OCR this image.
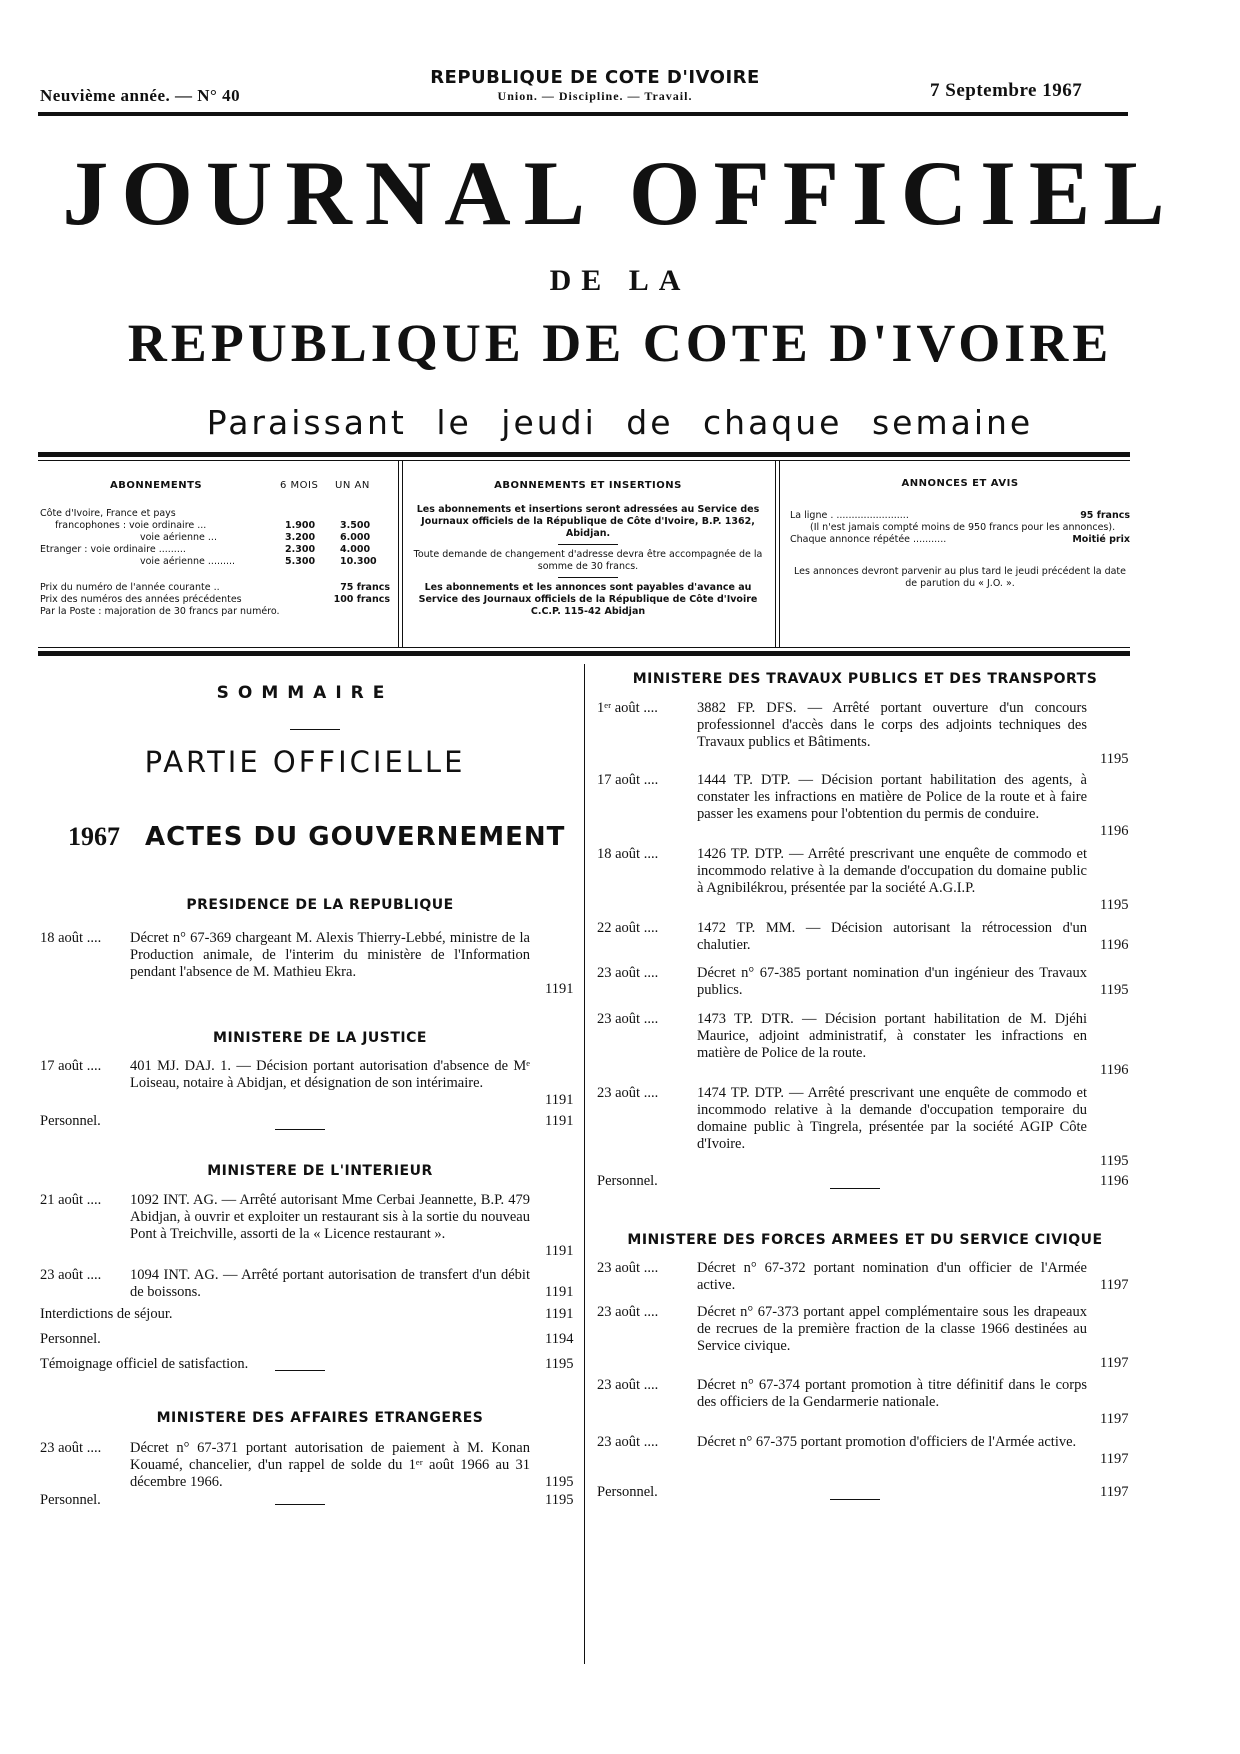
Neuvième année. — N° 40
REPUBLIQUE DE COTE D'IVOIRE
Union. — Discipline. — Travail.	7 Septembre 1967
JOURNAL OFFICIEL
DE LA
REPUBLIQUE DE COTE D'IVOIRE
Paraissant le jeudi de chaque semaine
ABONNEMENTS	6 MOIS UN AN
Côte d'Ivoire, France et pays
francophones : voie ordinaire ...	1.900	3.500
voie aérienne ...	3.200	6.000
Etranger : voie ordinaire .........	2.300	4.000
voie aérienne .........	5.300	10.300
Prix du numéro de l'année courante ..	75 francs
Prix des numéros des années précédentes	100 francs
Par la Poste : majoration de 30 francs par numéro.
ABONNEMENTS ET INSERTIONS
Les abonnements et insertions seront adressées au Service des Journaux officiels de la République de Côte d'Ivoire, B.P. 1362, Abidjan.
Toute demande de changement d'adresse devra être accompagnée de la somme de 30 francs.
Les abonnements et les annonces sont payables d'avance au Service des Journaux officiels de la République de Côte d'Ivoire C.C.P. 115-42 Abidjan
ANNONCES ET AVIS
La ligne . ........................	95 francs
(Il n'est jamais compté moins de 950 francs pour les annonces).
Chaque annonce répétée ...........	Moitié prix
Les annonces devront parvenir au plus tard le jeudi précédent la date de parution du « J.O. ».
SOMMAIRE
PARTIE OFFICIELLE
1967 ACTES DU GOUVERNEMENT
PRESIDENCE DE LA REPUBLIQUE
MINISTERE DE LA JUSTICE
MINISTERE DE L'INTERIEUR
MINISTERE DES AFFAIRES ETRANGERES
MINISTERE DES TRAVAUX PUBLICS ET DES TRANSPORTS
MINISTERE DES FORCES ARMEES ET DU SERVICE CIVIQUE
18 août .... Décret n° 67-369 chargeant M. Alexis Thierry-Lebbé, ministre de la Production animale, de l'interim du ministère de l'Information pendant l'absence de M. Mathieu Ekra.
1191
17 août .... 401 MJ. DAJ. 1. — Décision portant autorisation d'absence de Mᵉ Loiseau, notaire à Abidjan, et désignation de son intérimaire.
1191
Personnel.	1191
21 août .... 1092 INT. AG. — Arrêté autorisant Mme Cerbai Jeannette, B.P. 479 Abidjan, à ouvrir et exploiter un restaurant sis à la sortie du nouveau Pont à Treichville, assorti de la « Licence restaurant ».
1191
23 août .... 1094 INT. AG. — Arrêté portant autorisation de transfert d'un débit de boissons.	1191
Interdictions de séjour.	1191
Personnel.	1194
Témoignage officiel de satisfaction.	1195
23 août .... Décret n° 67-371 portant autorisation de paiement à M. Konan Kouamé, chancelier, d'un rappel de solde du 1ᵉʳ août 1966 au 31 décembre 1966.	1195
Personnel.	1195
1ᵉʳ août ....	3882 FP. DFS. — Arrêté portant ouverture d'un concours professionnel d'accès dans le corps des adjoints techniques des Travaux publics et Bâtiments.
1195
17 août ....	1444 TP. DTP. — Décision portant habilitation des agents, à constater les infractions en matière de Police de la route et à faire passer les examens pour l'obtention du permis de conduire.
1196
18 août ....	1426 TP. DTP. — Arrêté prescrivant une enquête de commodo et incommodo relative à la demande d'occupation du domaine public à Agnibilékrou, présentée par la société A.G.I.P.
1195
22 août ....	1472 TP. MM. — Décision autorisant la rétrocession d'un chalutier.	1196
23 août ....	Décret n° 67-385 portant nomination d'un ingénieur des Travaux publics.	1195
23 août ....	1473 TP. DTR. — Décision portant habilitation de M. Djéhi Maurice, adjoint administratif, à constater les infractions en matière de Police de la route.
1196
23 août ....	1474 TP. DTP. — Arrêté prescrivant une enquête de commodo et incommodo relative à la demande d'occupation temporaire du domaine public à Tingrela, présentée par la société AGIP Côte d'Ivoire.
1195
Personnel.	1196
23 août ....	Décret n° 67-372 portant nomination d'un officier de l'Armée active.	1197
23 août ....	Décret n° 67-373 portant appel complémentaire sous les drapeaux de recrues de la première fraction de la classe 1966 destinées au Service civique.
1197
23 août ....	Décret n° 67-374 portant promotion à titre définitif dans le corps des officiers de la Gendarmerie nationale.
1197
23 août ....	Décret n° 67-375 portant promotion d'officiers de l'Armée active.
1197
Personnel.	1197
